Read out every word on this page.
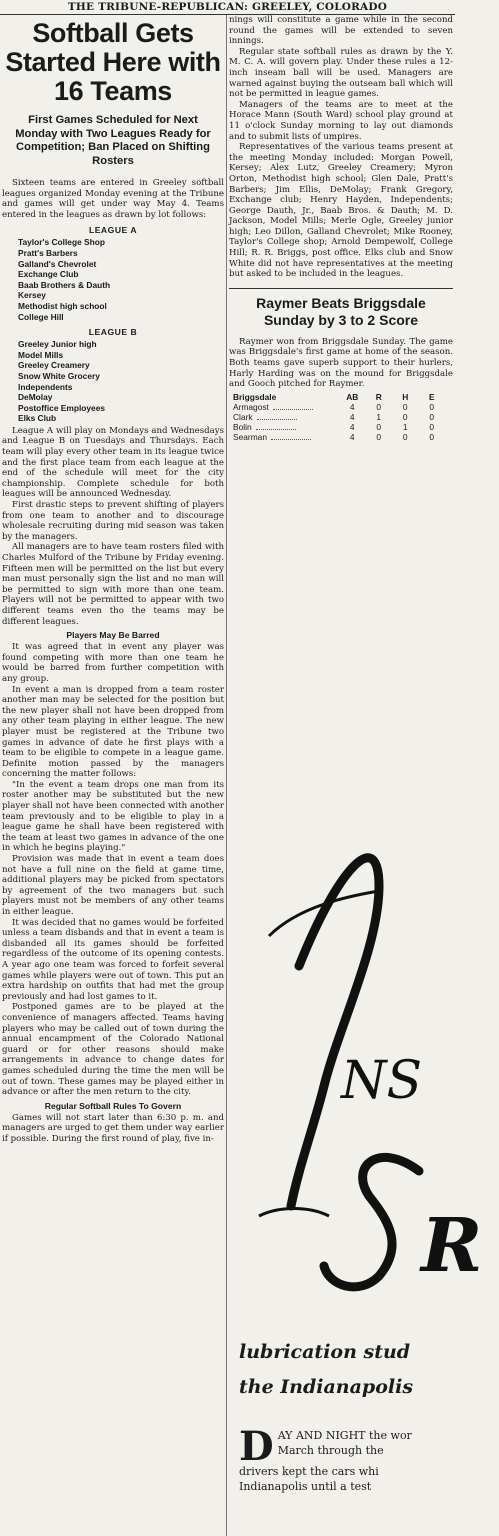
THE TRIBUNE-REPUBLICAN: GREELEY, COLORADO
Softball Gets Started Here with 16 Teams
First Games Scheduled for Next Monday with Two Leagues Ready for Competition; Ban Placed on Shifting Rosters

Sixteen teams are entered in Greeley softball leagues organized Monday evening at the Tribune and games will get under way May 4. Teams entered in the leagues as drawn by lot follows:

LEAGUE A
Taylor's College Shop
Pratt's Barbers
Galland's Chevrolet
Exchange Club
Baab Brothers & Dauth
Kersey
Methodist high school
College Hill
LEAGUE B
Greeley Junior high
Model Mills
Greeley Creamery
Snow White Grocery
Independents
DeMolay
Postoffice Employees
Elks Club

League A will play on Mondays and Wednesdays and League B on Tuesdays and Thursdays. Each team will play every other team in its league twice and the first place team from each league at the end of the schedule will meet for the city championship. Complete schedule for both leagues will be announced Wednesday.

First drastic steps to prevent shifting of players from one team to another and to discourage wholesale recruiting during mid season was taken by the managers.

All managers are to have team rosters filed with Charles Mulford of the Tribune by Friday evening. Fifteen men will be permitted on the list but every man must personally sign the list and no man will be permitted to sign with more than one team. Players will not be permitted to appear with two different teams even tho the teams may be different leagues.

Players May Be Barred

It was agreed that in event any player was found competing with more than one team he would be barred from further competition with any group.

In event a man is dropped from a team roster another man may be selected for the position but the new player shall not have been dropped from any other team playing in either league. The new player must be registered at the Tribune two games in advance of date he first plays with a team to be eligible to compete in a league game. Definite motion passed by the managers concerning the matter follows:

"In the event a team drops one man from its roster another may be substituted but the new player shall not have been connected with another team previously and to be eligible to play in a league game he shall have been registered with the team at least two games in advance of the one in which he begins playing."

Provision was made that in event a team does not have a full nine on the field at game time, additional players may be picked from spectators by agreement of the two managers but such players must not be members of any other teams in either league.

It was decided that no games would be forfeited unless a team disbands and that in event a team is disbanded all its games should be forfeited regardless of the outcome of its opening contests. A year ago one team was forced to forfeit several games while players were out of town. This put an extra hardship on outfits that had met the group previously and had lost games to it.

Postponed games are to be played at the convenience of managers affected. Teams having players who may be called out of town during the annual encampment of the Colorado National guard or for other reasons should make arrangements in advance to change dates for games scheduled during the time the men will be out of town. These games may be played either in advance or after the men return to the city.

Regular Softball Rules To Govern

Games will not start later than 6:30 p. m. and managers are urged to get them under way earlier if possible. During the first round of play, five in-

nings will constitute a game while in the second round the games will be extended to seven innings.

Regular state softball rules as drawn by the Y. M. C. A. will govern play. Under these rules a 12-inch inseam ball will be used. Managers are warned against buying the outseam ball which will not be permitted in league games.

Managers of the teams are to meet at the Horace Mann (South Ward) school play ground at 11 o'clock Sunday morning to lay out diamonds and to submit lists of umpires.

Representatives of the various teams present at the meeting Monday included: Morgan Powell, Kersey; Alex Lutz, Greeley Creamery; Myron Orton, Methodist high school; Glen Dale, Pratt's Barbers; Jim Ellis, DeMolay; Frank Gregory, Exchange club; Henry Hayden, Independents; George Dauth, Jr., Baab Bros. & Dauth; M. D. Jackson, Model Mills; Merle Ogle, Greeley junior high; Leo Dillon, Galland Chevrolet; Mike Rooney, Taylor's College shop; Arnold Dempewolf, College Hill; R. R. Briggs, post office. Elks club and Snow White did not have representatives at the meeting but asked to be included in the leagues.

Raymer Beats Briggsdale Sunday by 3 to 2 Score

Raymer won from Briggsdale Sunday. The game was Briggsdale's first game at home of the season. Both teams gave superb support to their hurlers, Harly Harding was on the mound for Briggsdale and Gooch pitched for Raymer.

Briggsdale	AB	R	H	E
Armagost	4	0	0	0
Clark	4	1	0	0
Bolin	4	0	1	0
Searman	4	0	0	0
NS
R
lubrication stud
the Indianapolis
D AY AND NIGHT the wor
March through the
drivers kept the cars whi
Indianapolis until a test
